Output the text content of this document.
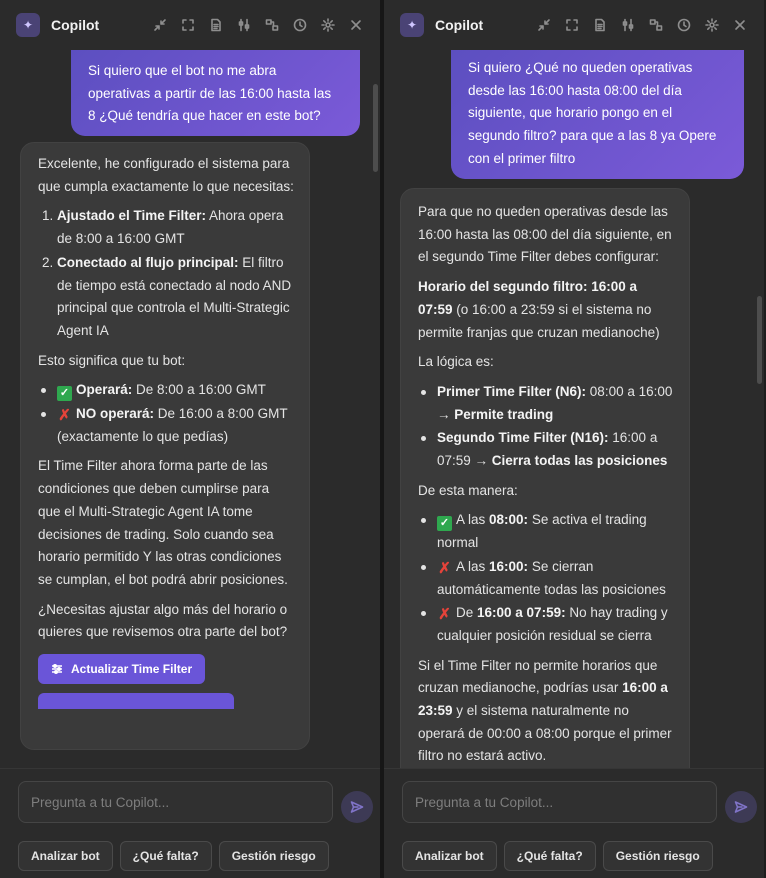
Si quiero que el bot no me abra operativas a partir de las 16:00 hasta las 8 ¿Qué tendría que hacer en este bot?
Excelente, he configurado el sistema para que cumpla exactamente lo que necesitas:
1. Ajustado el Time Filter: Ahora opera de 8:00 a 16:00 GMT
2. Conectado al flujo principal: El filtro de tiempo está conectado al nodo AND principal que controla el Multi-Strategic Agent IA
Esto significa que tu bot:
✓ Operará: De 8:00 a 16:00 GMT
✗ NO operará: De 16:00 a 8:00 GMT (exactamente lo que pedías)
El Time Filter ahora forma parte de las condiciones que deben cumplirse para que el Multi-Strategic Agent IA tome decisiones de trading. Solo cuando sea horario permitido Y las otras condiciones se cumplan, el bot podrá abrir posiciones.
¿Necesitas ajustar algo más del horario o quieres que revisemos otra parte del bot?
Actualizar Time Filter
✦	Copilot
Pregunta a tu Copilot...
Analizar bot	¿Qué falta?	Gestión riesgo
Si quiero ¿Qué no queden operativas desde las 16:00 hasta 08:00 del día siguiente, que horario pongo en el segundo filtro? para que a las 8 ya Opere con el primer filtro
Para que no queden operativas desde las 16:00 hasta las 08:00 del día siguiente, en el segundo Time Filter debes configurar:
Horario del segundo filtro: 16:00 a 07:59 (o 16:00 a 23:59 si el sistema no permite franjas que cruzan medianoche)
La lógica es:
Primer Time Filter (N6): 08:00 a 16:00 → Permite trading
Segundo Time Filter (N16): 16:00 a 07:59 → Cierra todas las posiciones
De esta manera:
✓ A las 08:00: Se activa el trading normal
✗ A las 16:00: Se cierran automáticamente todas las posiciones
✗ De 16:00 a 07:59: No hay trading y cualquier posición residual se cierra
Si el Time Filter no permite horarios que cruzan medianoche, podrías usar 16:00 a 23:59 y el sistema naturalmente no operará de 00:00 a 08:00 porque el primer filtro no estará activo.
✦	Copilot
Pregunta a tu Copilot...
Analizar bot	¿Qué falta?	Gestión riesgo
